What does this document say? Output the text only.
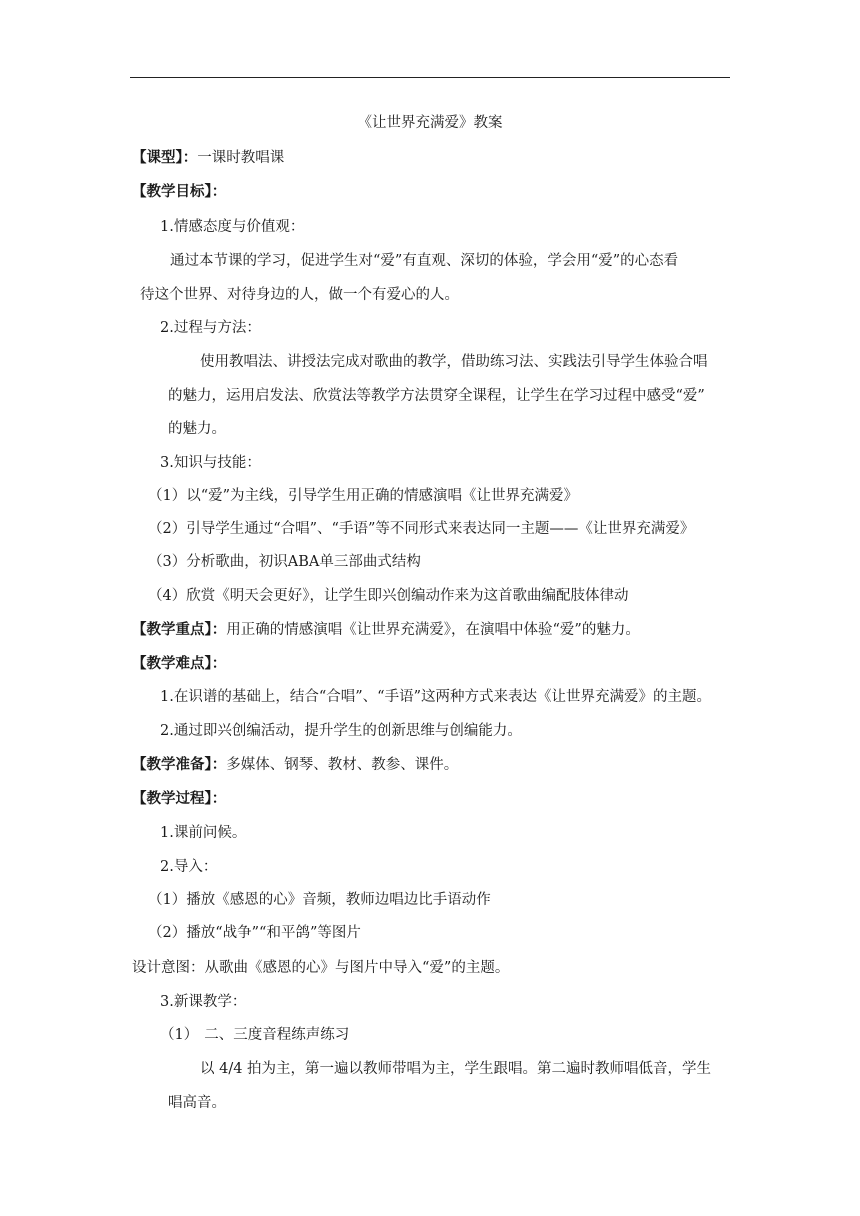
《让世界充满爱》教案
【课型】：一课时教唱课
【教学目标】：
1.情感态度与价值观：
通过本节课的学习，促进学生对“爱”有直观、深切的体验，学会用“爱”的心态看
待这个世界、对待身边的人，做一个有爱心的人。
2.过程与方法：
使用教唱法、讲授法完成对歌曲的教学，借助练习法、实践法引导学生体验合唱
的魅力，运用启发法、欣赏法等教学方法贯穿全课程，让学生在学习过程中感受“爱”
的魅力。
3.知识与技能：
（1）以“爱”为主线，引导学生用正确的情感演唱《让世界充满爱》
（2）引导学生通过“合唱”、“手语”等不同形式来表达同一主题——《让世界充满爱》
（3）分析歌曲，初识ABA单三部曲式结构
（4）欣赏《明天会更好》，让学生即兴创编动作来为这首歌曲编配肢体律动
【教学重点】：用正确的情感演唱《让世界充满爱》，在演唱中体验“爱”的魅力。
【教学难点】：
1.在识谱的基础上，结合“合唱”、“手语”这两种方式来表达《让世界充满爱》的主题。
2.通过即兴创编活动，提升学生的创新思维与创编能力。
【教学准备】：多媒体、钢琴、教材、教参、课件。
【教学过程】：
1.课前问候。
2.导入：
（1）播放《感恩的心》音频，教师边唱边比手语动作
（2）播放“战争”“和平鸽”等图片
设计意图：从歌曲《感恩的心》与图片中导入“爱”的主题。
3.新课教学：
（1） 二、三度音程练声练习
以 4/4 拍为主，第一遍以教师带唱为主，学生跟唱。第二遍时教师唱低音，学生
唱高音。
